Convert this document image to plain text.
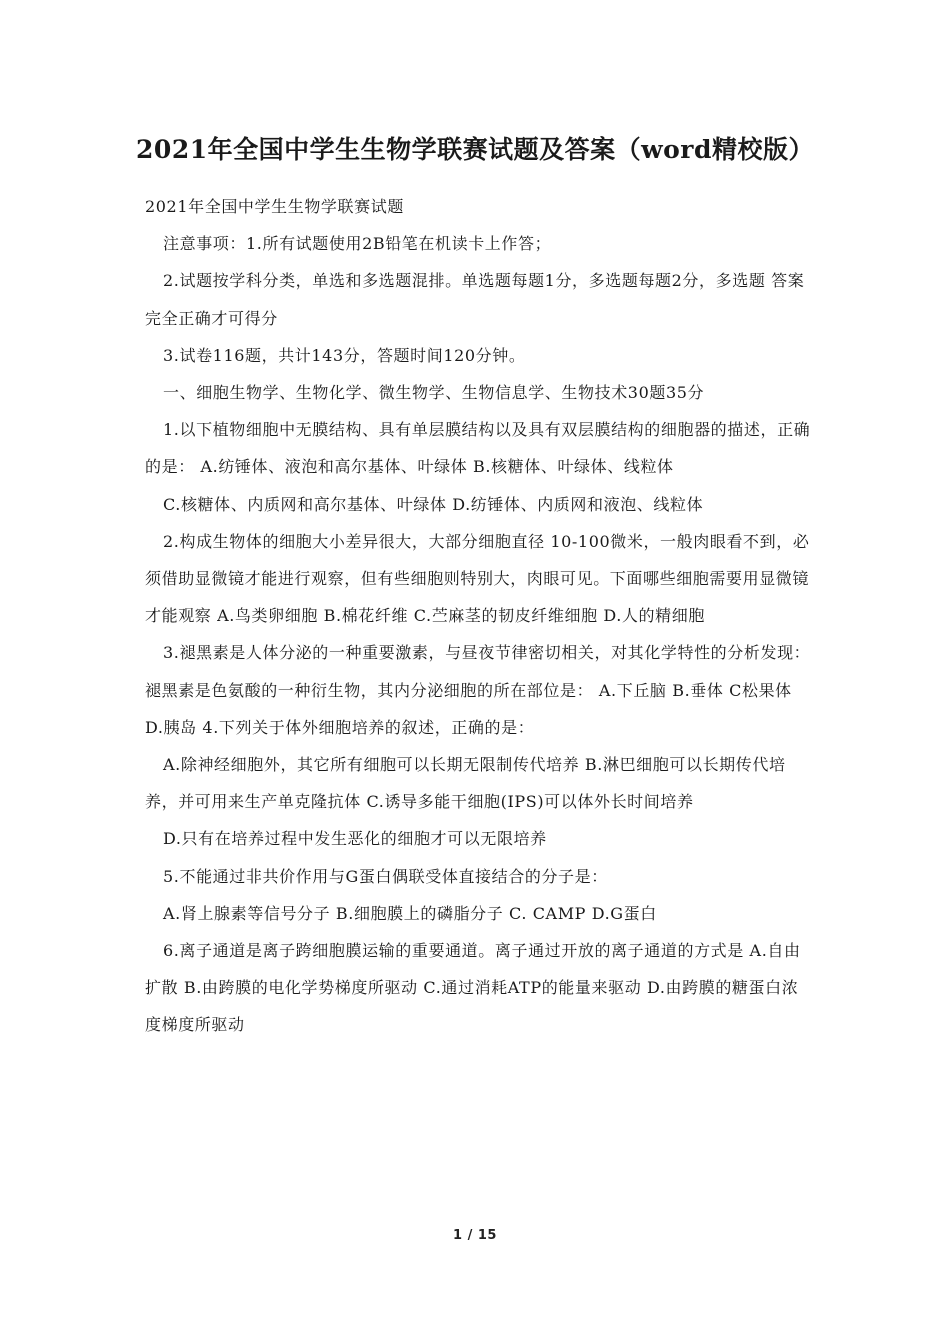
2021年全国中学生生物学联赛试题及答案（word精校版）

2021年全国中学生生物学联赛试题

注意事项：1.所有试题使用2B铅笔在机读卡上作答；

2.试题按学科分类，单选和多选题混排。单选题每题1分，多选题每题2分，多选题 答案完全正确才可得分

3.试卷116题，共计143分，答题时间120分钟。

一、细胞生物学、生物化学、微生物学、生物信息学、生物技术30题35分

1.以下植物细胞中无膜结构、具有单层膜结构以及具有双层膜结构的细胞器的描述，正确的是： A.纺锤体、液泡和高尔基体、叶绿体 B.核糖体、叶绿体、线粒体

C.核糖体、内质网和高尔基体、叶绿体 D.纺锤体、内质网和液泡、线粒体

2.构成生物体的细胞大小差异很大，大部分细胞直径 10-100微米，一般肉眼看不到，必须借助显微镜才能进行观察，但有些细胞则特别大，肉眼可见。下面哪些细胞需要用显微镜才能观察 A.鸟类卵细胞 B.棉花纤维 C.苎麻茎的韧皮纤维细胞 D.人的精细胞

3.褪黑素是人体分泌的一种重要激素，与昼夜节律密切相关，对其化学特性的分析发现：褪黑素是色氨酸的一种衍生物，其内分泌细胞的所在部位是： A.下丘脑 B.垂体 C松果体 D.胰岛 4.下列关于体外细胞培养的叙述，正确的是：

A.除神经细胞外，其它所有细胞可以长期无限制传代培养 B.淋巴细胞可以长期传代培养，并可用来生产单克隆抗体 C.诱导多能干细胞(IPS)可以体外长时间培养

D.只有在培养过程中发生恶化的细胞才可以无限培养

5.不能通过非共价作用与G蛋白偶联受体直接结合的分子是：

A.肾上腺素等信号分子 B.细胞膜上的磷脂分子 C. CAMP D.G蛋白

6.离子通道是离子跨细胞膜运输的重要通道。离子通过开放的离子通道的方式是 A.自由扩散 B.由跨膜的电化学势梯度所驱动 C.通过消耗ATP的能量来驱动 D.由跨膜的糖蛋白浓度梯度所驱动

1 / 15
